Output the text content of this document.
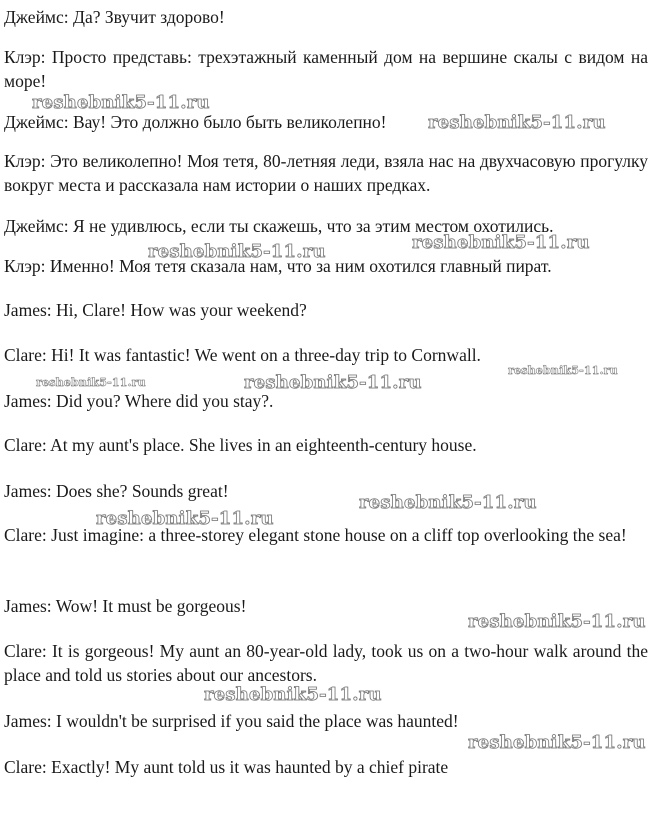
Джеймс: Да? Звучит здорово!
Клэр: Просто представь: трехэтажный каменный дом на вершине скалы с видом на море!
Джеймс: Вау! Это должно было быть великолепно!
Клэр: Это великолепно! Моя тетя, 80-летняя леди, взяла нас на двухчасовую прогулку вокруг места и рассказала нам истории о наших предках.
Джеймс: Я не удивлюсь, если ты скажешь, что за этим местом охотились.
Клэр: Именно! Моя тетя сказала нам, что за ним охотился главный пират.
James: Hi, Clare! How was your weekend?
Clare: Hi! It was fantastic! We went on a three-day trip to Cornwall.
James: Did you? Where did you stay?.
Clare: At my aunt's place. She lives in an eighteenth-century house.
James: Does she? Sounds great!
Clare: Just imagine: a three-storey elegant stone house on a cliff top overlooking the sea!
James: Wow! It must be gorgeous!
Clare: It is gorgeous! My aunt an 80-year-old lady, took us on a two-hour walk around the place and told us stories about our ancestors.
James: I wouldn't be surprised if you said the place was haunted!
Clare: Exactly! My aunt told us it was haunted by a chief pirate
reshebnik5-11.ru
reshebnik5-11.ru
reshebnik5-11.ru
reshebnik5-11.ru
reshebnik5-11.ru
reshebnik5-11.ru
reshebnik5-11.ru
reshebnik5-11.ru
reshebnik5-11.ru
reshebnik5-11.ru
reshebnik5-11.ru
reshebnik5-11.ru
